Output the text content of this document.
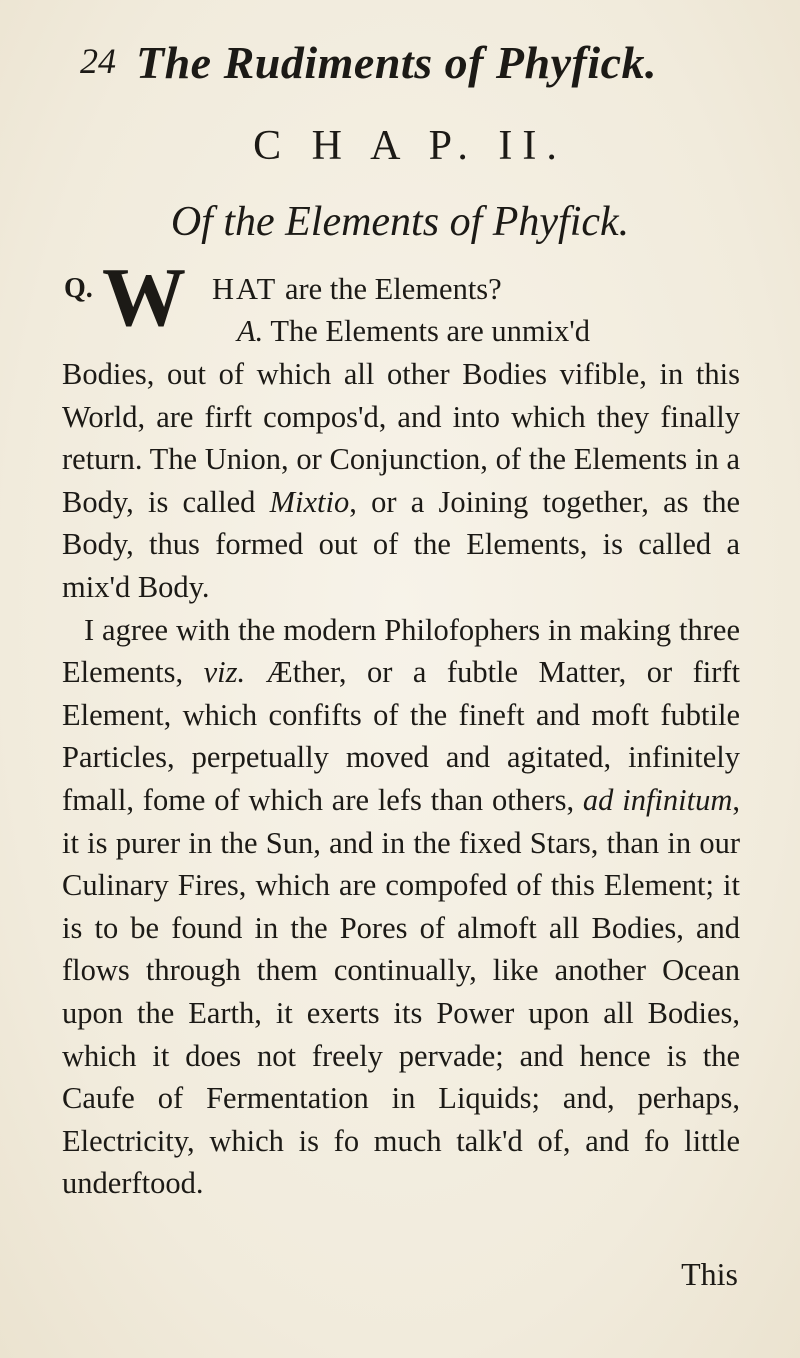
24 The Rudiments of Phyfick.
C H A P. II.
Of the Elements of Phyfick.
Q. W HAT are the Elements?
A. The Elements are unmix'd

Bodies, out of which all other Bodies vifible, in this World, are firft compos'd, and into which they finally return. The Union, or Conjunction, of the Elements in a Body, is called Mixtio, or a Joining together, as the Body, thus formed out of the Elements, is called a mix'd Body.

I agree with the modern Philofophers in making three Elements, viz. Æther, or a fubtle Matter, or firft Element, which confifts of the fineft and moft fubtile Particles, perpetually moved and agitated, infinitely fmall, fome of which are lefs than others, ad infinitum, it is purer in the Sun, and in the fixed Stars, than in our Culinary Fires, which are compofed of this Element; it is to be found in the Pores of almoft all Bodies, and flows through them continually, like another Ocean upon the Earth, it exerts its Power upon all Bodies, which it does not freely pervade; and hence is the Caufe of Fermentation in Liquids; and, perhaps, Electricity, which is fo much talk'd of, and fo little underftood.

This
